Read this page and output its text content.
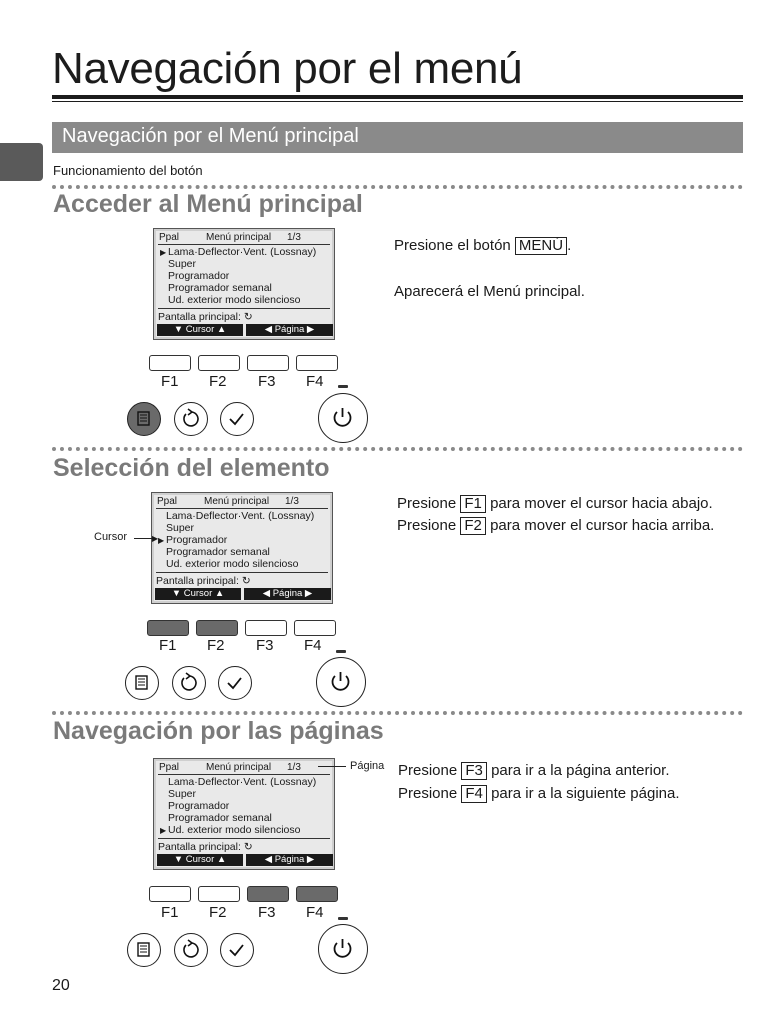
Navegación por el menú
Navegación por el Menú principal
Funcionamiento del botón
Acceder al Menú principal
Ppal	Menú principal 1/3
▶ Lama·Deflector·Vent. (Lossnay)
Super
Programador
Programador semanal
Ud. exterior modo silencioso
Pantalla principal: ↻
▼ Cursor ▲	◀ Página ▶
F1 F2 F3 F4
Presione el botón MENÚ .
Aparecerá el Menú principal.
Selección del elemento
Ppal	Menú principal 1/3
Lama·Deflector·Vent. (Lossnay)
Super
▶ Programador
Programador semanal
Ud. exterior modo silencioso
Pantalla principal: ↻
▼ Cursor ▲	◀ Página ▶
Cursor	▶
F1 F2 F3 F4
Presione F1 para mover el cursor hacia abajo.
Presione F2 para mover el cursor hacia arriba.
Navegación por las páginas
Ppal	Menú principal 1/3
Lama·Deflector·Vent. (Lossnay)
Super
Programador
Programador semanal
▶ Ud. exterior modo silencioso
Pantalla principal: ↻
▼ Cursor ▲	◀ Página ▶
Página
F1 F2 F3 F4
Presione F3 para ir a la página anterior.
Presione F4 para ir a la siguiente página.
20
